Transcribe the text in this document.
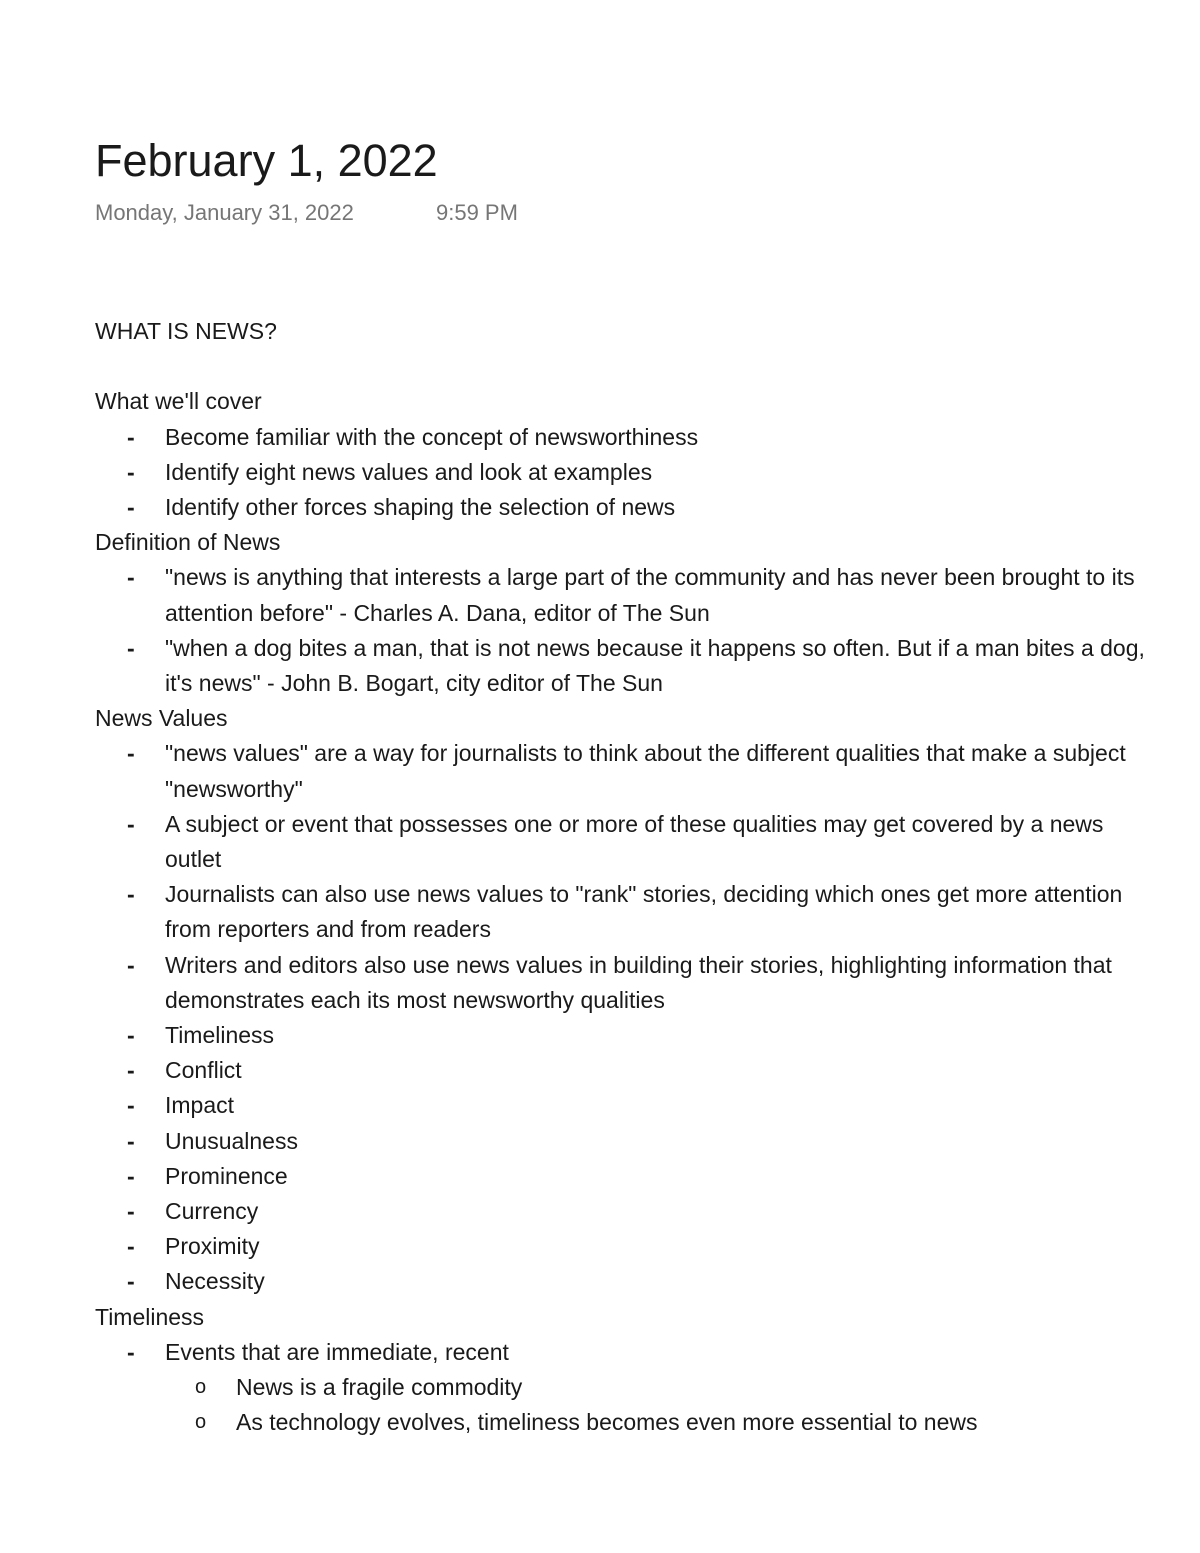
February 1, 2022
Monday, January 31, 2022	9:59 PM
WHAT IS NEWS?
What we'll cover
- Become familiar with the concept of newsworthiness
- Identify eight news values and look at examples
- Identify other forces shaping the selection of news
Definition of News
- "news is anything that interests a large part of the community and has never been brought to its attention before" - Charles A. Dana, editor of The Sun
- "when a dog bites a man, that is not news because it happens so often. But if a man bites a dog, it's news" - John B. Bogart, city editor of The Sun
News Values
- "news values" are a way for journalists to think about the different qualities that make a subject "newsworthy"
- A subject or event that possesses one or more of these qualities may get covered by a news outlet
- Journalists can also use news values to "rank" stories, deciding which ones get more attention from reporters and from readers
- Writers and editors also use news values in building their stories, highlighting information that demonstrates each its most newsworthy qualities
- Timeliness
- Conflict
- Impact
- Unusualness
- Prominence
- Currency
- Proximity
- Necessity
Timeliness
- Events that are immediate, recent
o News is a fragile commodity
o As technology evolves, timeliness becomes even more essential to news
